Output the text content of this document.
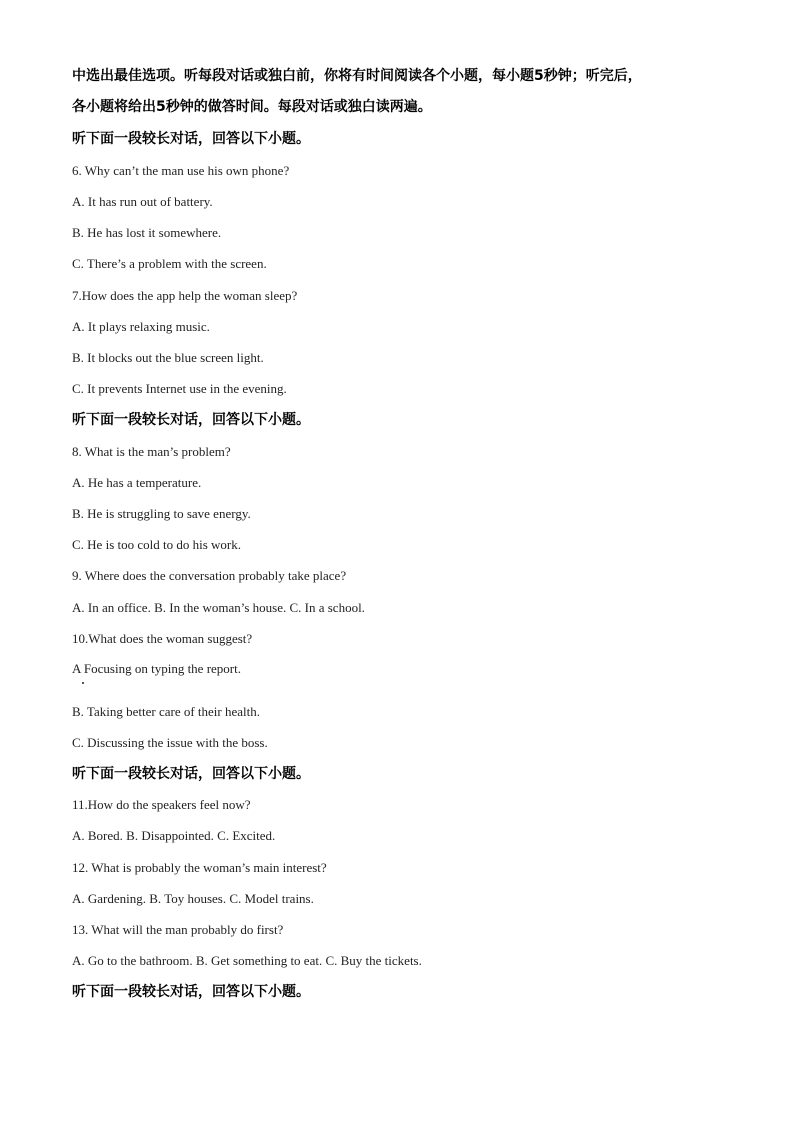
中选出最佳选项。听每段对话或独白前，你将有时间阅读各个小题，每小题5秒钟；听完后，
各小题将给出5秒钟的做答时间。每段对话或独白读两遍。
听下面一段较长对话，回答以下小题。
6. Why can’t the man use his own phone?
A. It has run out of battery.
B. He has lost it somewhere.
C. There’s a problem with the screen.
7.How does the app help the woman sleep?
A. It plays relaxing music.
B. It blocks out the blue screen light.
C. It prevents Internet use in the evening.
听下面一段较长对话，回答以下小题。
8. What is the man’s problem?
A. He has a temperature.
B. He is struggling to save energy.
C. He is too cold to do his work.
9. Where does the conversation probably take place?
A. In an office. B. In the woman’s house. C. In a school.
10.What does the woman suggest?
A Focusing on typing the report.
B. Taking better care of their health.
C. Discussing the issue with the boss.
听下面一段较长对话，回答以下小题。
11.How do the speakers feel now?
A. Bored. B. Disappointed. C. Excited.
12. What is probably the woman’s main interest?
A. Gardening. B. Toy houses. C. Model trains.
13. What will the man probably do first?
A. Go to the bathroom. B. Get something to eat. C. Buy the tickets.
听下面一段较长对话，回答以下小题。
